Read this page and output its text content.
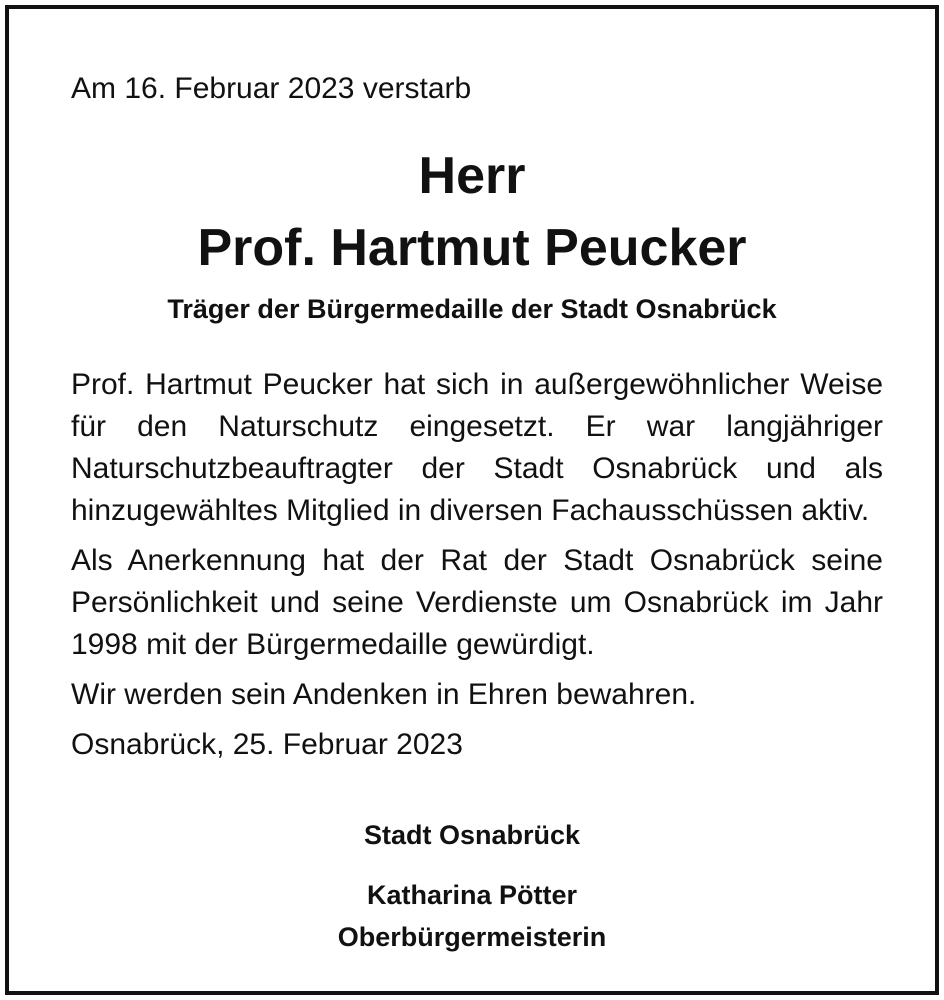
Am 16. Februar 2023 verstarb
Herr
Prof. Hartmut Peucker
Träger der Bürgermedaille der Stadt Osnabrück

Prof. Hartmut Peucker hat sich in außergewöhnlicher Weise für den Naturschutz eingesetzt. Er war langjähriger Naturschutzbeauftragter der Stadt Osnabrück und als hinzugewähltes Mitglied in diversen Fachausschüssen aktiv.

Als Anerkennung hat der Rat der Stadt Osnabrück seine Persönlichkeit und seine Verdienste um Osnabrück im Jahr 1998 mit der Bürgermedaille gewürdigt.

Wir werden sein Andenken in Ehren bewahren.

Osnabrück, 25. Februar 2023

Stadt Osnabrück
Katharina Pötter
Oberbürgermeisterin
